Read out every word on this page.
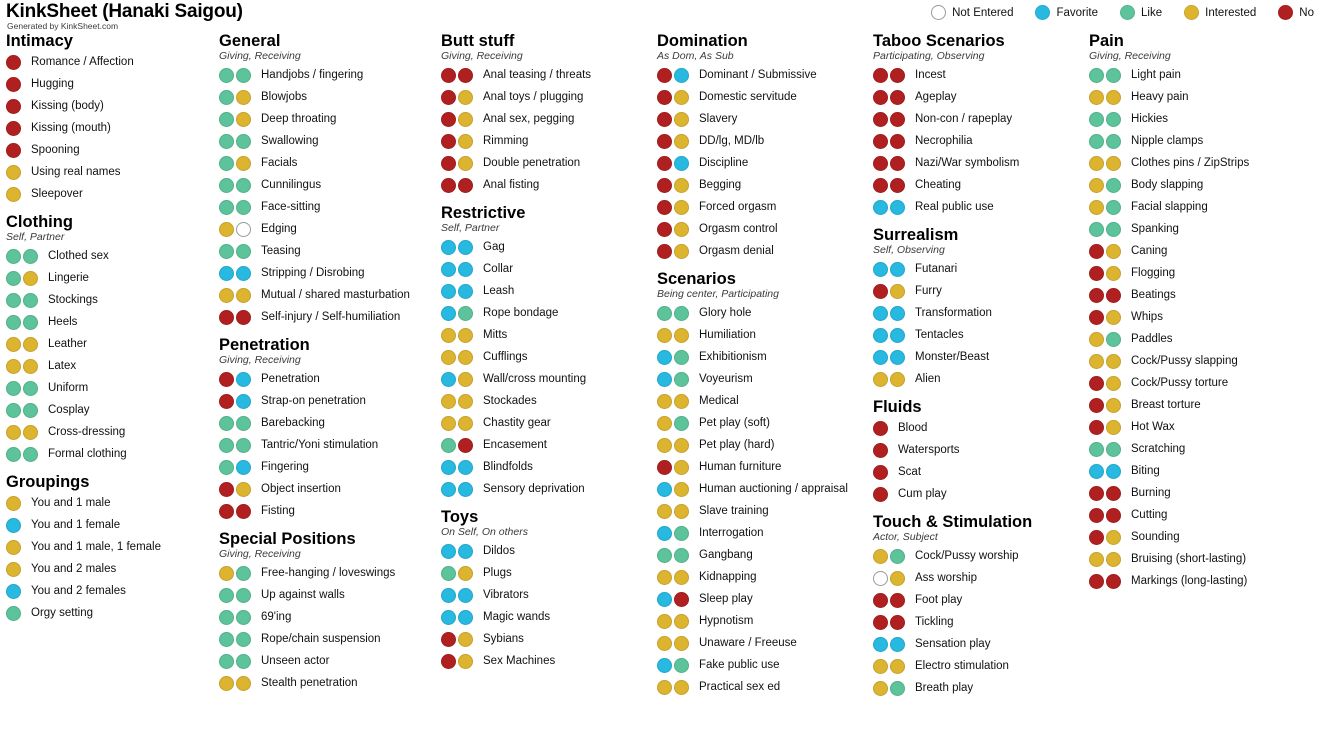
KinkSheet (Hanaki Saigou)
Generated by KinkSheet.com
Not Entered	Favorite	Like	Interested	No
Intimacy
Romance / Affection
Hugging
Kissing (body)
Kissing (mouth)
Spooning
Using real names
Sleepover
Clothing
Self, Partner
Clothed sex
Lingerie
Stockings
Heels
Leather
Latex
Uniform
Cosplay
Cross-dressing
Formal clothing
Groupings
You and 1 male
You and 1 female
You and 1 male, 1 female
You and 2 males
You and 2 females
Orgy setting
General
Giving, Receiving
Handjobs / fingering
Blowjobs
Deep throating
Swallowing
Facials
Cunnilingus
Face-sitting
Edging
Teasing
Stripping / Disrobing
Mutual / shared masturbation
Self-injury / Self-humiliation
Penetration
Giving, Receiving
Penetration
Strap-on penetration
Barebacking
Tantric/Yoni stimulation
Fingering
Object insertion
Fisting
Special Positions
Giving, Receiving
Free-hanging / loveswings
Up against walls
69'ing
Rope/chain suspension
Unseen actor
Stealth penetration
Butt stuff
Giving, Receiving
Anal teasing / threats
Anal toys / plugging
Anal sex, pegging
Rimming
Double penetration
Anal fisting
Restrictive
Self, Partner
Gag
Collar
Leash
Rope bondage
Mitts
Cufflings
Wall/cross mounting
Stockades
Chastity gear
Encasement
Blindfolds
Sensory deprivation
Toys
On Self, On others
Dildos
Plugs
Vibrators
Magic wands
Sybians
Sex Machines
Domination
As Dom, As Sub
Dominant / Submissive
Domestic servitude
Slavery
DD/lg, MD/lb
Discipline
Begging
Forced orgasm
Orgasm control
Orgasm denial
Scenarios
Being center, Participating
Glory hole
Humiliation
Exhibitionism
Voyeurism
Medical
Pet play (soft)
Pet play (hard)
Human furniture
Human auctioning / appraisal
Slave training
Interrogation
Gangbang
Kidnapping
Sleep play
Hypnotism
Unaware / Freeuse
Fake public use
Practical sex ed
Taboo Scenarios
Participating, Observing
Incest
Ageplay
Non-con / rapeplay
Necrophilia
Nazi/War symbolism
Cheating
Real public use
Surrealism
Self, Observing
Futanari
Furry
Transformation
Tentacles
Monster/Beast
Alien
Fluids
Blood
Watersports
Scat
Cum play
Touch & Stimulation
Actor, Subject
Cock/Pussy worship
Ass worship
Foot play
Tickling
Sensation play
Electro stimulation
Breath play
Pain
Giving, Receiving
Light pain
Heavy pain
Hickies
Nipple clamps
Clothes pins / ZipStrips
Body slapping
Facial slapping
Spanking
Caning
Flogging
Beatings
Whips
Paddles
Cock/Pussy slapping
Cock/Pussy torture
Breast torture
Hot Wax
Scratching
Biting
Burning
Cutting
Sounding
Bruising (short-lasting)
Markings (long-lasting)
